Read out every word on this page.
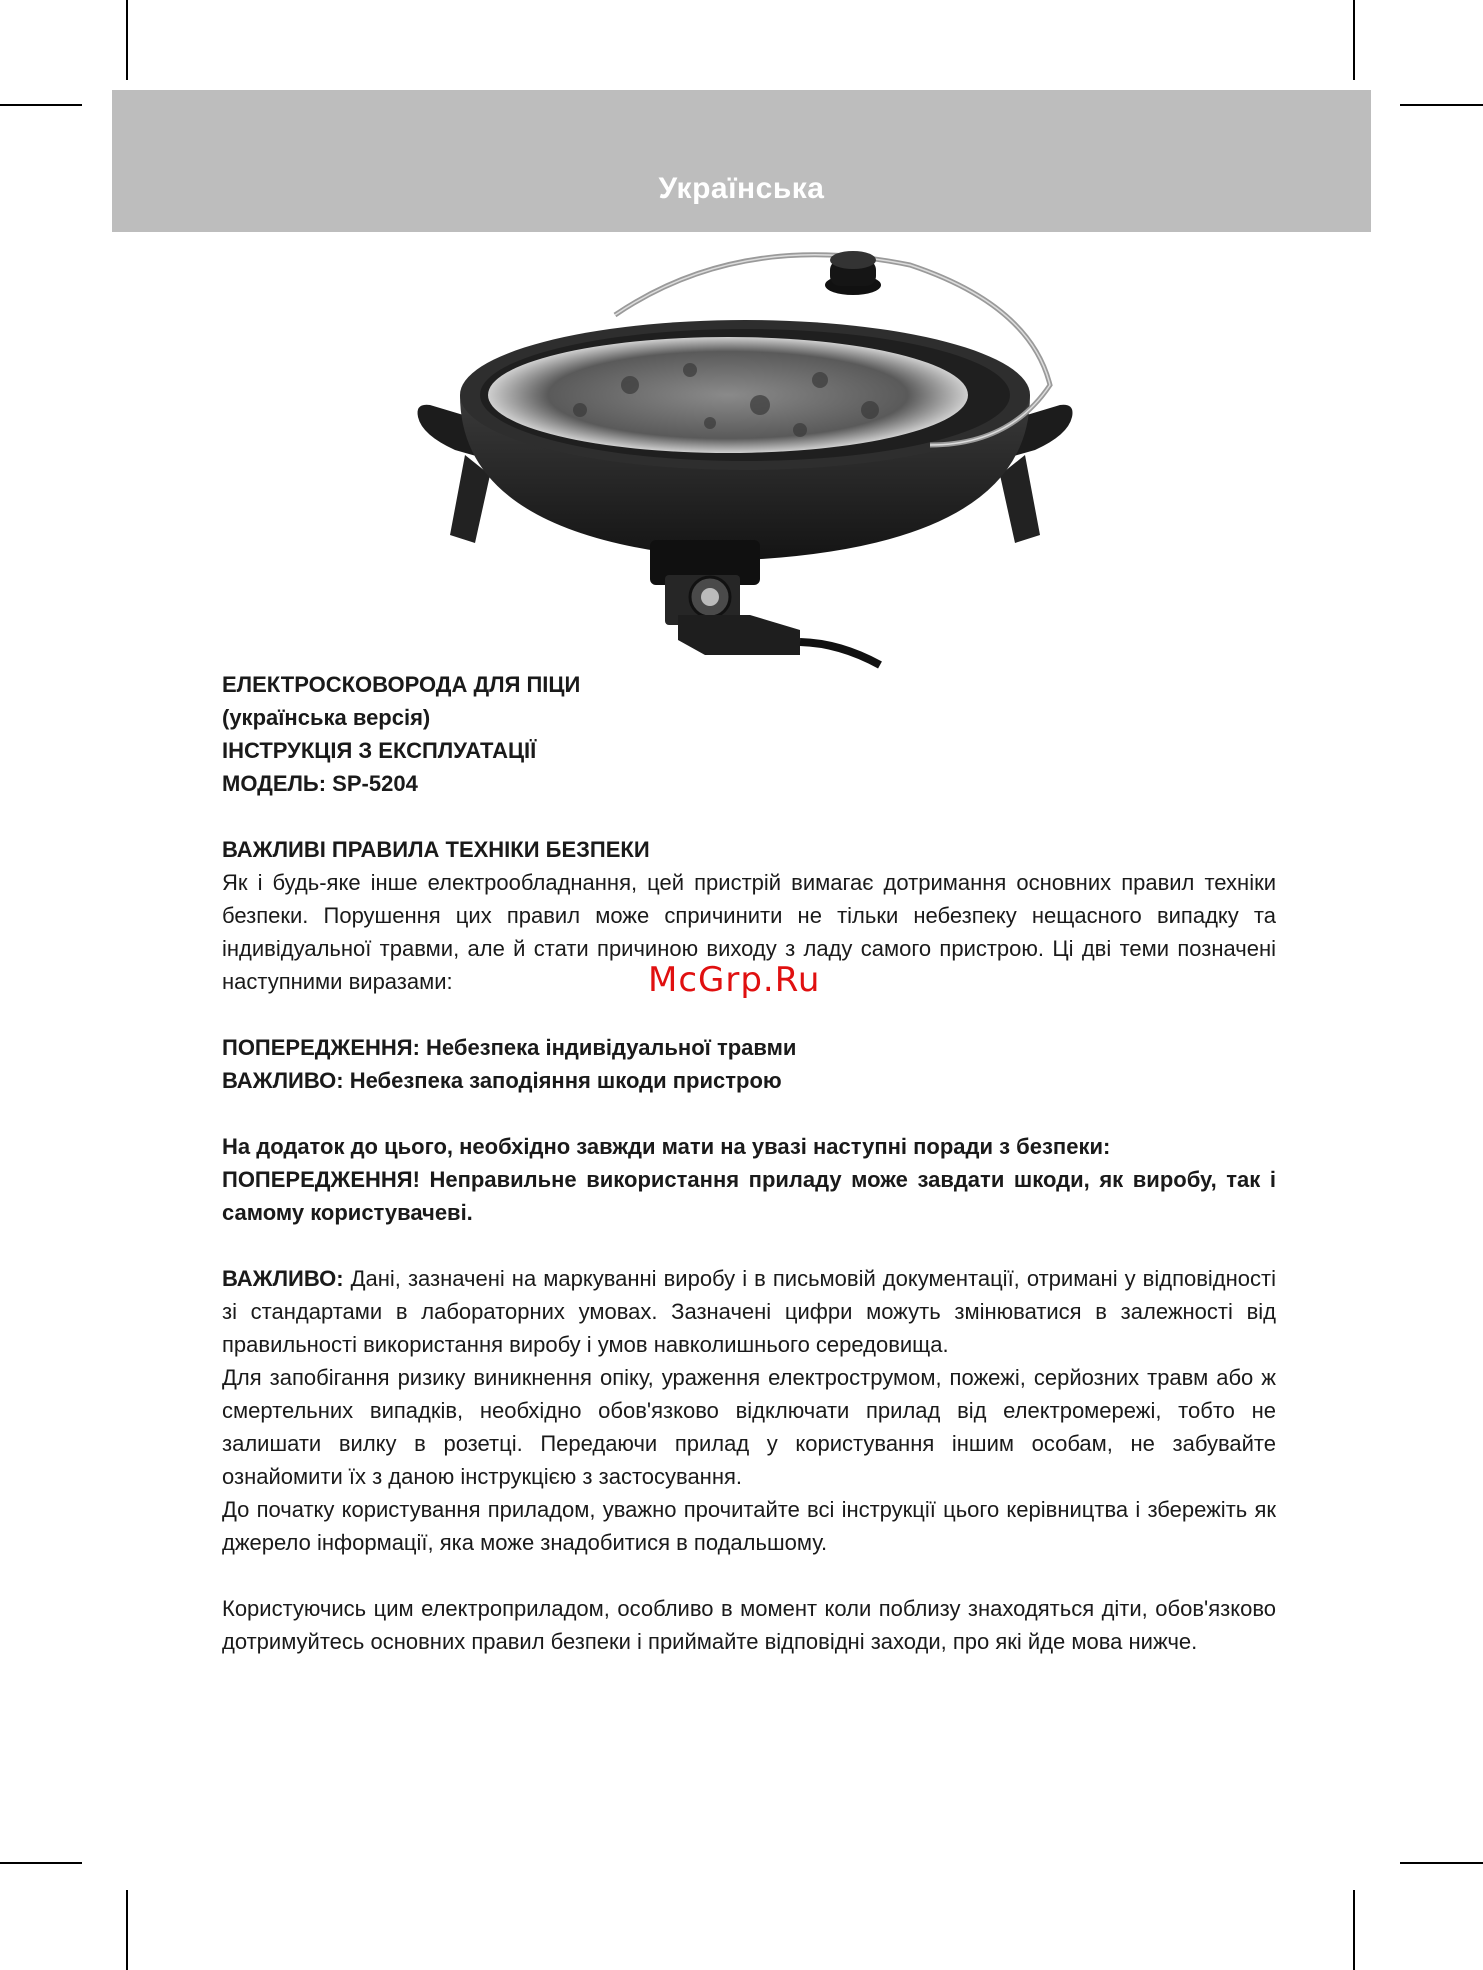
Українська

ЕЛЕКТРОСКОВОРОДА ДЛЯ ПІЦИ

(українська версія)

ІНСТРУКЦІЯ З ЕКСПЛУАТАЦІЇ

МОДЕЛЬ: SP-5204

ВАЖЛИВІ ПРАВИЛА ТЕХНІКИ БЕЗПЕКИ

Як і будь-яке інше електрообладнання, цей пристрій вимагає дотримання основних правил техніки безпеки. Порушення цих правил може спричинити не тільки небезпеку нещасного випадку та індивідуальної травми, але й стати причиною виходу з ладу самого пристрою. Ці дві теми позначені наступними виразами:

ПОПЕРЕДЖЕННЯ: Небезпека індивідуальної травми

ВАЖЛИВО: Небезпека заподіяння шкоди пристрою

На додаток до цього, необхідно завжди мати на увазі наступні поради з безпеки:

ПОПЕРЕДЖЕННЯ! Неправильне використання приладу може завдати шкоди, як виробу, так і самому користувачеві.

ВАЖЛИВО: Дані, зазначені на маркуванні виробу і в письмовій документації, отримані у відповідності зі стандартами в лабораторних умовах. Зазначені цифри можуть змінюватися в залежності від правильності використання виробу і умов навколишнього середовища.

Для запобігання ризику виникнення опіку, ураження електрострумом, пожежі, серйозних травм або ж смертельних випадків, необхідно обов'язково відключати прилад від електромережі, тобто не залишати вилку в розетці. Передаючи прилад у користування іншим особам, не забувайте ознайомити їх з даною інструкцією з застосування.

До початку користування приладом, уважно прочитайте всі інструкції цього керівництва і збережіть як джерело інформації, яка може знадобитися в подальшому.

Користуючись цим електроприладом, особливо в момент коли поблизу знаходяться діти, обов'язково дотримуйтесь основних правил безпеки і приймайте відповідні заходи, про які йде мова нижче.

McGrp.Ru
